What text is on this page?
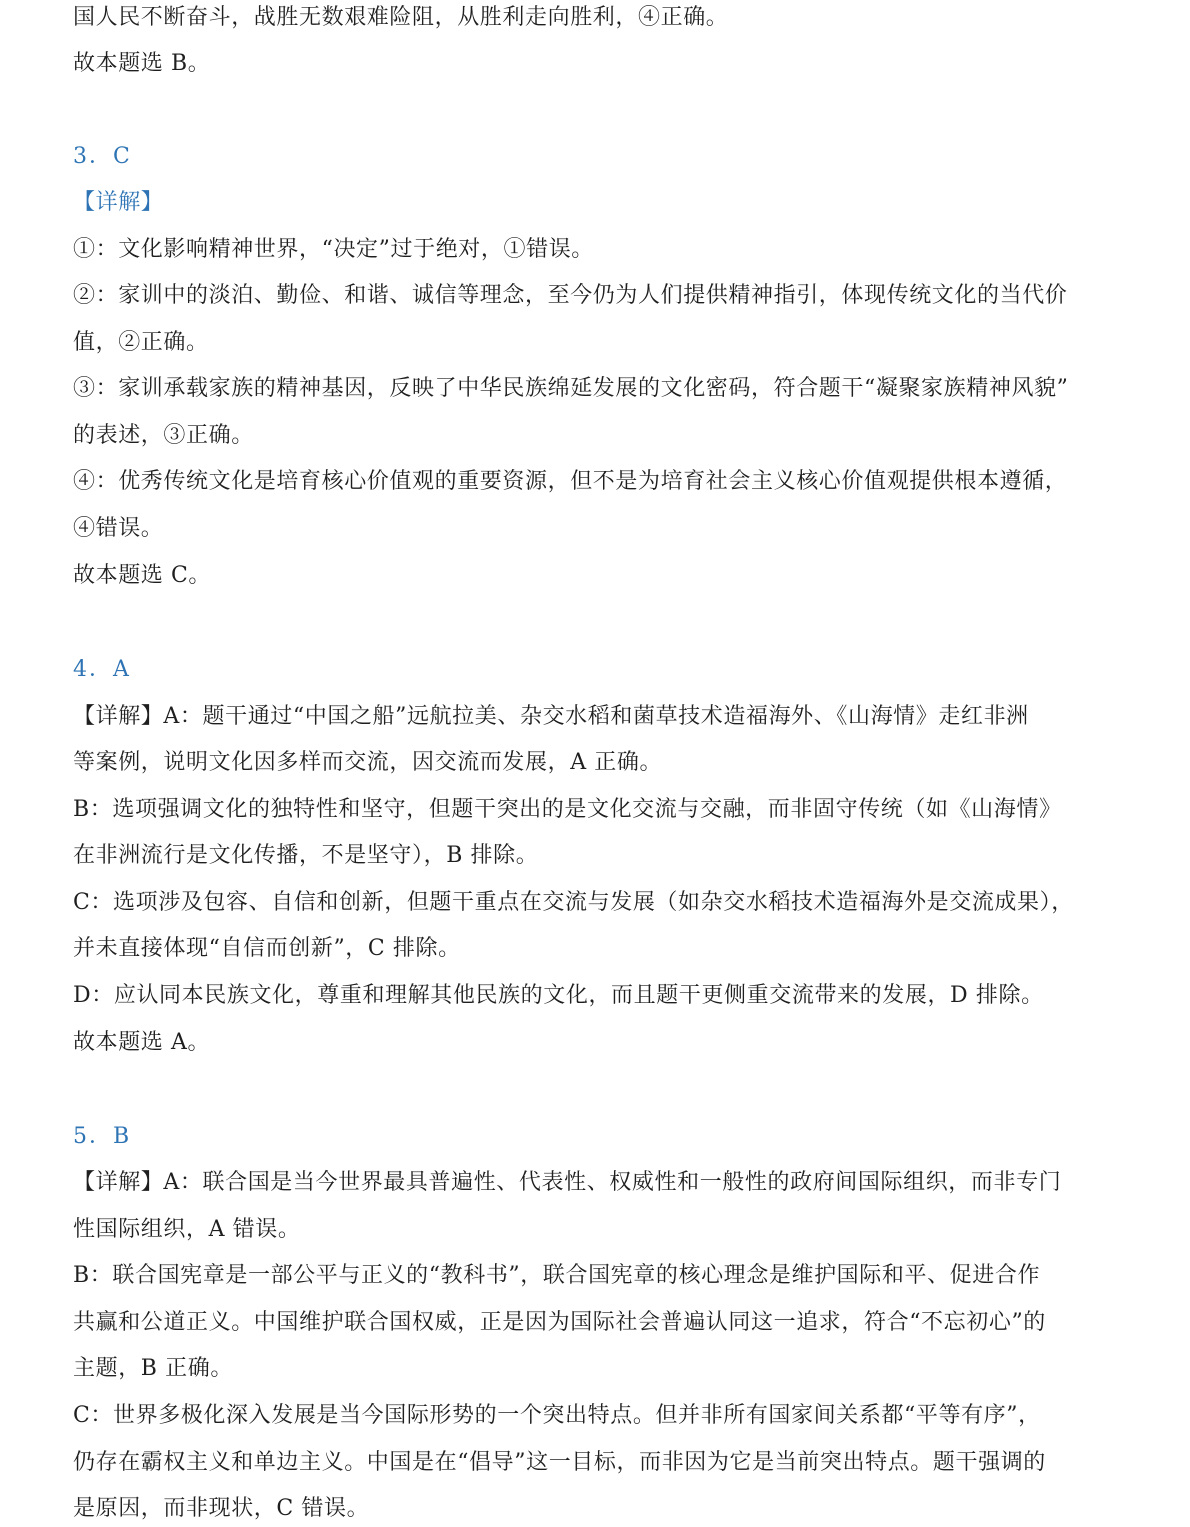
国人民不断奋斗，战胜无数艰难险阻，从胜利走向胜利，④正确。
故本题选 B。
3．C
【详解】
①：文化影响精神世界，“决定”过于绝对，①错误。
②：家训中的淡泊、勤俭、和谐、诚信等理念，至今仍为人们提供精神指引，体现传统文化的当代价
值，②正确。
③：家训承载家族的精神基因，反映了中华民族绵延发展的文化密码，符合题干“凝聚家族精神风貌”
的表述，③正确。
④：优秀传统文化是培育核心价值观的重要资源，但不是为培育社会主义核心价值观提供根本遵循，
④错误。
故本题选 C。
4．A
【详解】A：题干通过“中国之船”远航拉美、杂交水稻和菌草技术造福海外、《山海情》走红非洲
等案例，说明文化因多样而交流，因交流而发展，A 正确。
B：选项强调文化的独特性和坚守，但题干突出的是文化交流与交融，而非固守传统（如《山海情》
在非洲流行是文化传播，不是坚守），B 排除。
C：选项涉及包容、自信和创新，但题干重点在交流与发展（如杂交水稻技术造福海外是交流成果），
并未直接体现“自信而创新”，C 排除。
D：应认同本民族文化，尊重和理解其他民族的文化，而且题干更侧重交流带来的发展，D 排除。
故本题选 A。
5．B
【详解】A：联合国是当今世界最具普遍性、代表性、权威性和一般性的政府间国际组织，而非专门
性国际组织，A 错误。
B：联合国宪章是一部公平与正义的“教科书”，联合国宪章的核心理念是维护国际和平、促进合作
共赢和公道正义。中国维护联合国权威，正是因为国际社会普遍认同这一追求，符合“不忘初心”的
主题，B 正确。
C：世界多极化深入发展是当今国际形势的一个突出特点。但并非所有国家间关系都“平等有序”，
仍存在霸权主义和单边主义。中国是在“倡导”这一目标，而非因为它是当前突出特点。题干强调的
是原因，而非现状，C 错误。
